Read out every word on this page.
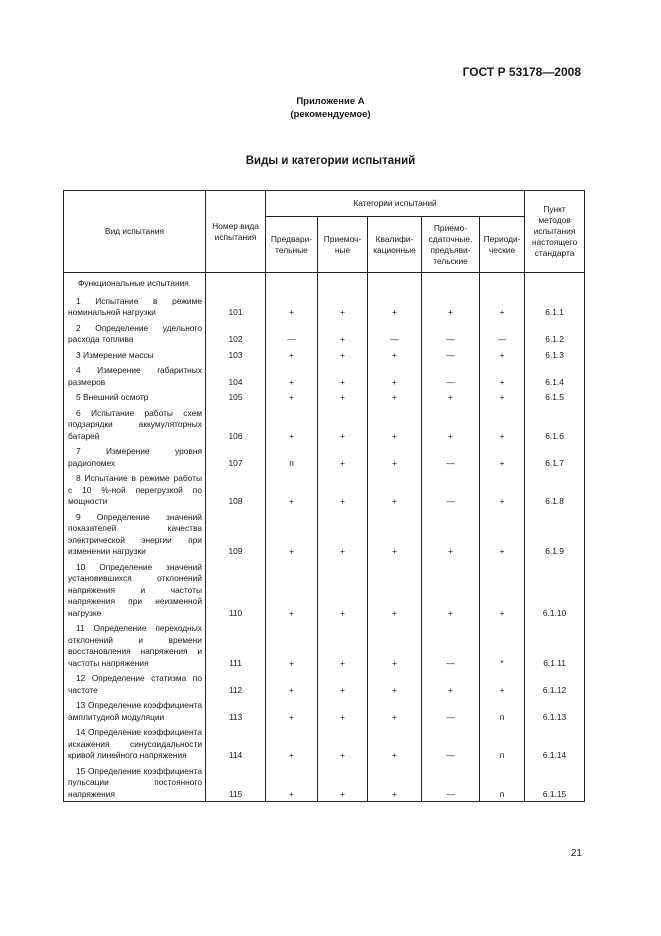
ГОСТ Р 53178—2008
Приложение А
(рекомендуемое)
Виды и категории испытаний
Вид испытания	Номер вида испытания	Категории испытаний					Пункт методов испытания настоящего стандарта
		Предвари-тельные	Приемоч-ные	Квалифи-кационные	Приемо-сдаточные, предъяви-тельские	Периоди-ческие	
Функциональные испытания							
1 Испытание в режиме номинальной нагрузки	101	+	+	+	+	+	6.1.1
2 Определение удельного расхода топлива	102	—	+	—	—	—	6.1.2
3 Измерение массы	103	+	+	+	—	+	6.1.3
4 Измерение габаритных размеров	104	+	+	+	—	+	6.1.4
5 Внешний осмотр	105	+	+	+	+	+	6.1.5
6 Испытание работы схем подзарядки аккумуляторных батарей	106	+	+	+	+	+	6.1.6
7 Измерение уровня радиопомех	107	п	+	+	—	+	6.1.7
8 Испытание в режиме работы с 10 %-ной перегрузкой по мощности	108	+	+	+	—	+	6.1.8
9 Определение значений показателей качества электрической энергии при изменении нагрузки	109	+	+	+	+	+	6.1.9
10 Определение значений установившихся отклонений напряжения и частоты напряжения при неизменной нагрузке	110	+	+	+	+	+	6.1.10
11 Определение переходных отклонений и времени восстановления напряжения и частоты напряжения	111	+	+	+	—	*	6.1.11
12 Определение статизма по частоте	112	+	+	+	+	+	6.1.12
13 Определение коэффициента амплитудной модуляции	113	+	+	+	—	п	6.1.13
14 Определение коэффициента искажения синусоидальности кривой линейного напряжения	114	+	+	+	—	п	6.1.14
15 Определение коэффициента пульсации постоянного напряжения	115	+	+	+	—	п	6.1.15
21
